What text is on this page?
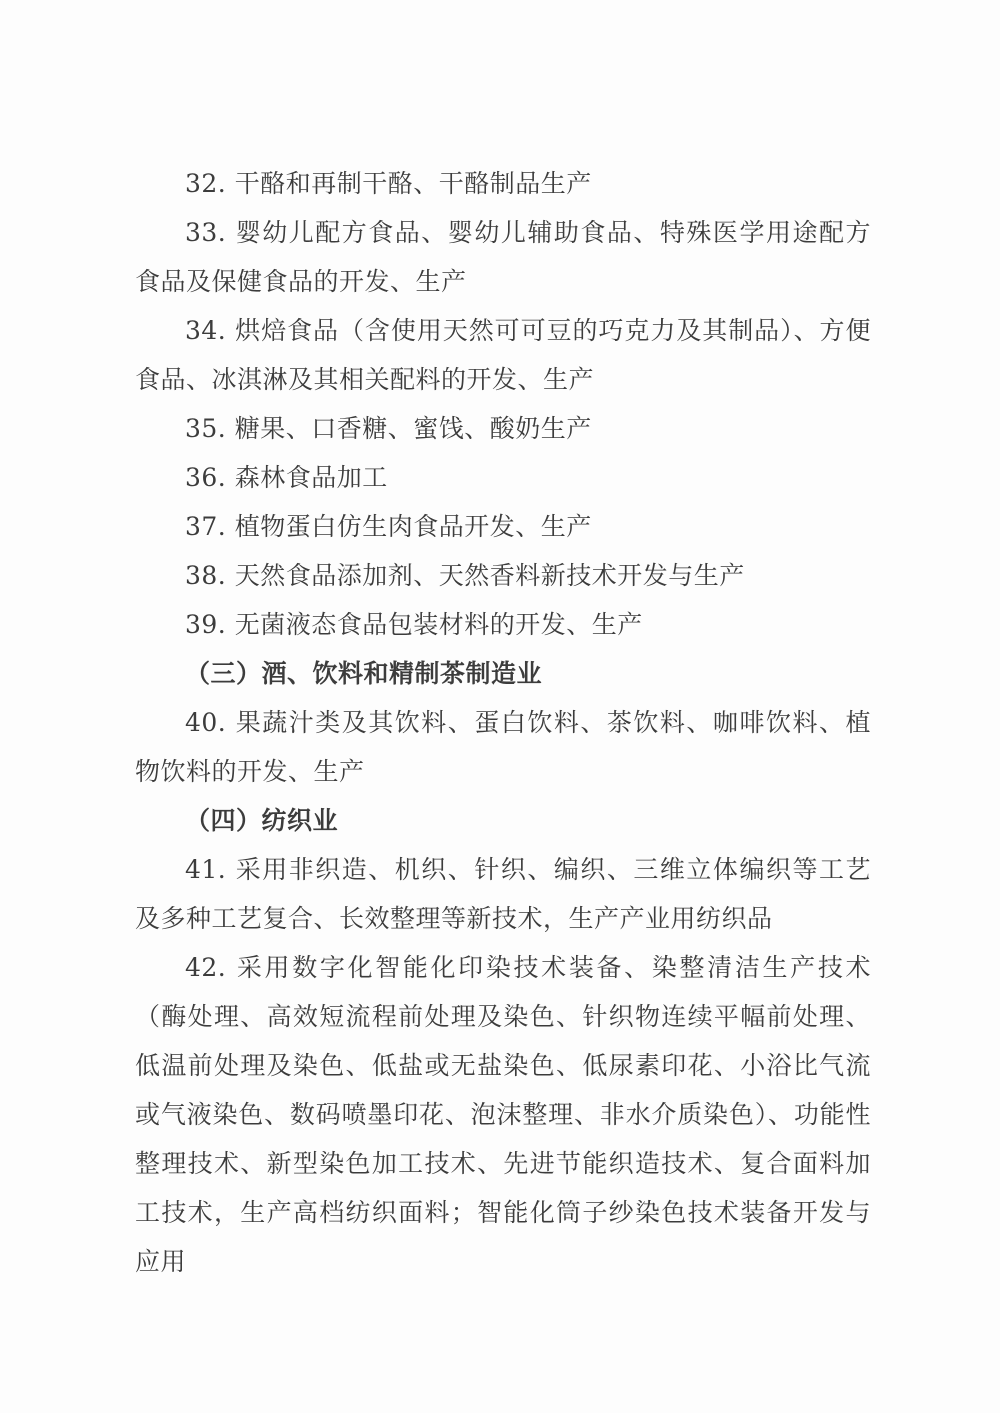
32. 干酪和再制干酪、干酪制品生产

33. 婴幼儿配方食品、婴幼儿辅助食品、特殊医学用途配方食品及保健食品的开发、生产

34. 烘焙食品（含使用天然可可豆的巧克力及其制品）、方便食品、冰淇淋及其相关配料的开发、生产

35. 糖果、口香糖、蜜饯、酸奶生产

36. 森林食品加工

37. 植物蛋白仿生肉食品开发、生产

38. 天然食品添加剂、天然香料新技术开发与生产

39. 无菌液态食品包装材料的开发、生产

（三）酒、饮料和精制茶制造业

40. 果蔬汁类及其饮料、蛋白饮料、茶饮料、咖啡饮料、植物饮料的开发、生产

（四）纺织业

41. 采用非织造、机织、针织、编织、三维立体编织等工艺及多种工艺复合、长效整理等新技术，生产产业用纺织品

42. 采用数字化智能化印染技术装备、染整清洁生产技术（酶处理、高效短流程前处理及染色、针织物连续平幅前处理、低温前处理及染色、低盐或无盐染色、低尿素印花、小浴比气流或气液染色、数码喷墨印花、泡沫整理、非水介质染色）、功能性整理技术、新型染色加工技术、先进节能织造技术、复合面料加工技术，生产高档纺织面料；智能化筒子纱染色技术装备开发与应用
